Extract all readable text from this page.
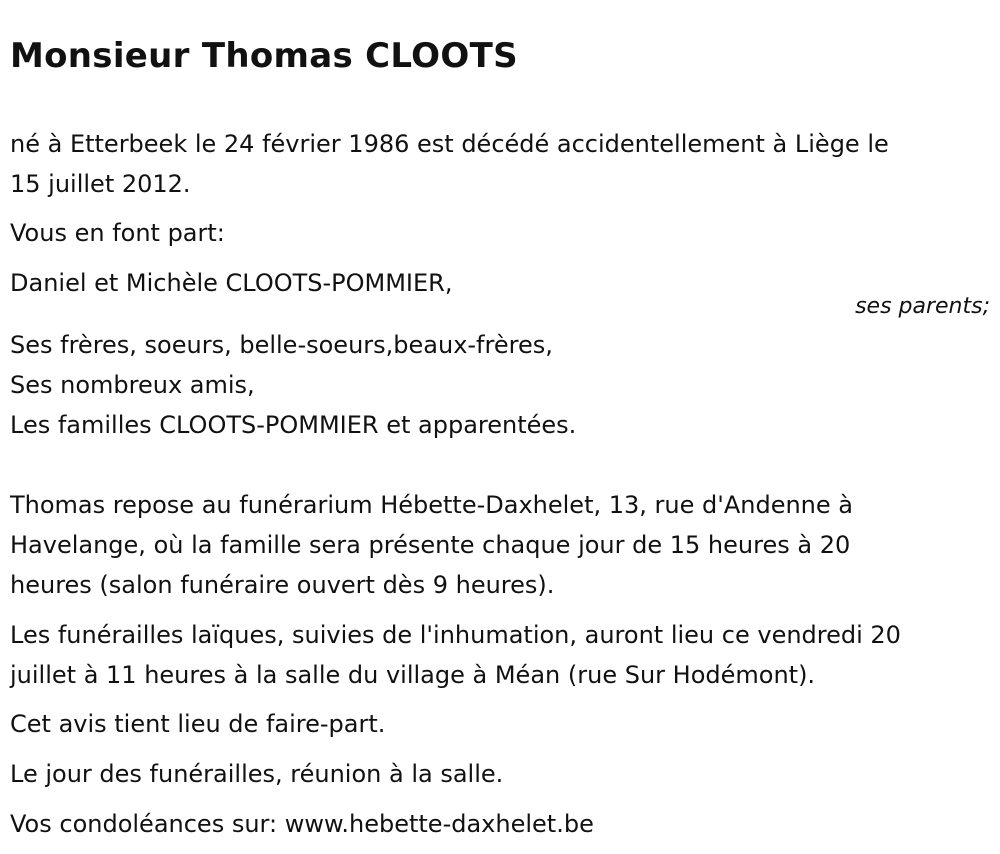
Monsieur Thomas CLOOTS
né à Etterbeek le 24 février 1986 est décédé accidentellement à Liège le
15 juillet 2012.
Vous en font part:
Daniel et Michèle CLOOTS-POMMIER,
ses parents;
Ses frères, soeurs, belle-soeurs,beaux-frères,
Ses nombreux amis,
Les familles CLOOTS-POMMIER et apparentées.
Thomas repose au funérarium Hébette-Daxhelet, 13, rue d'Andenne à
Havelange, où la famille sera présente chaque jour de 15 heures à 20
heures (salon funéraire ouvert dès 9 heures).
Les funérailles laïques, suivies de l'inhumation, auront lieu ce vendredi 20
juillet à 11 heures à la salle du village à Méan (rue Sur Hodémont).
Cet avis tient lieu de faire-part.
Le jour des funérailles, réunion à la salle.
Vos condoléances sur: www.hebette-daxhelet.be
